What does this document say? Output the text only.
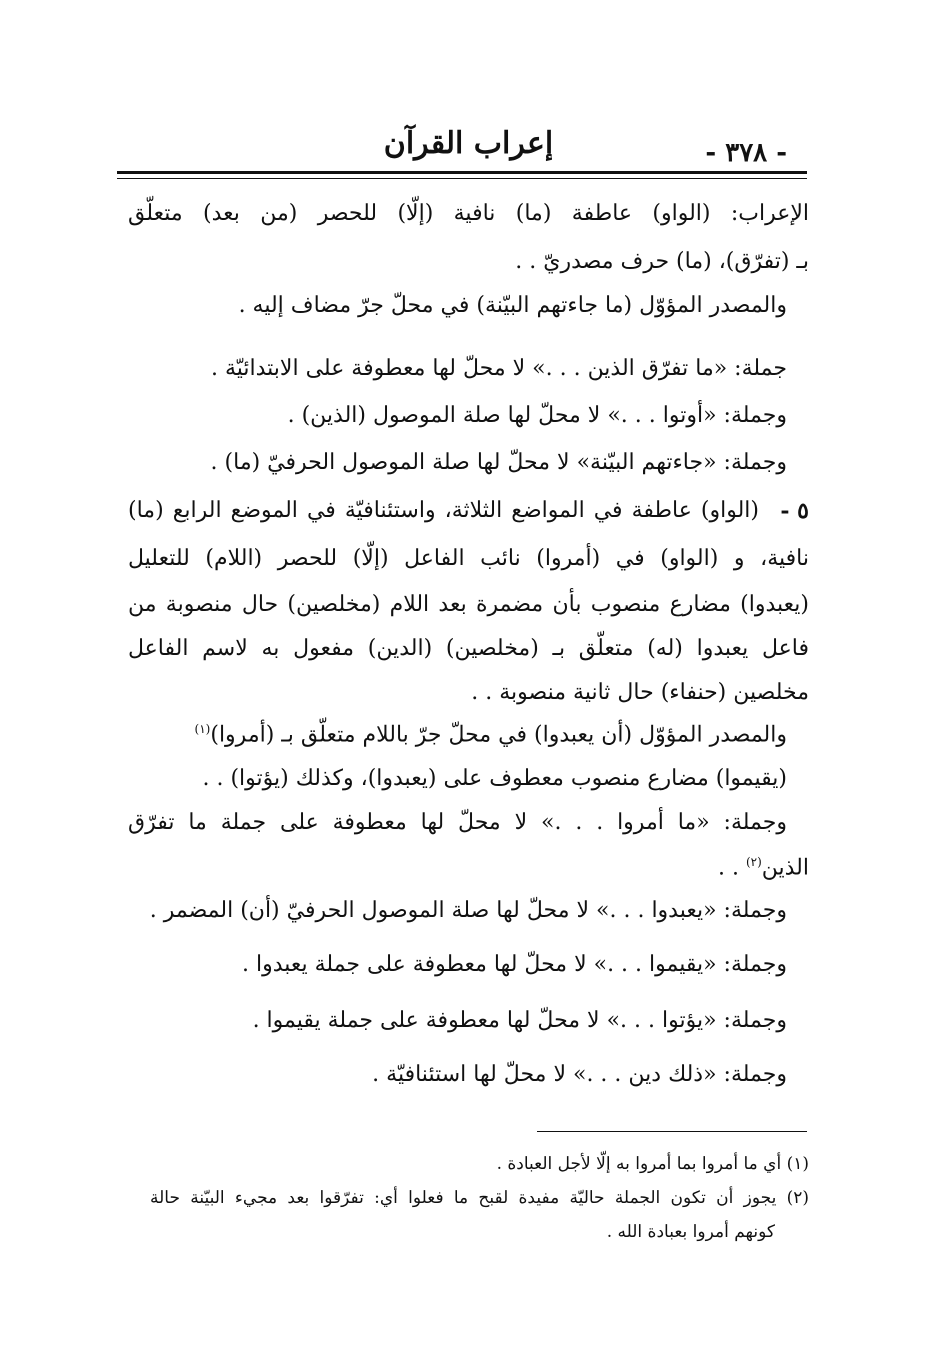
- ٣٧٨ -
إعراب القرآن
الإعراب: (الواو) عاطفة (ما) نافية (إلّا) للحصر (من بعد) متعلّق
بـ (تفرّق)، (ما) حرف مصدريّ . .
والمصدر المؤوّل (ما جاءتهم البيّنة) في محلّ جرّ مضاف إليه .
جملة: «ما تفرّق الذين . . .» لا محلّ لها معطوفة على الابتدائيّة .
وجملة: «أوتوا . . .» لا محلّ لها صلة الموصول (الذين) .
وجملة: «جاءتهم البيّنة» لا محلّ لها صلة الموصول الحرفيّ (ما) .
٥ -
(الواو) عاطفة في المواضع الثلاثة، واستئنافيّة في الموضع الرابع (ما)
نافية، و (الواو) في (أمروا) نائب الفاعل (إلّا) للحصر (اللام) للتعليل
(يعبدوا) مضارع منصوب بأن مضمرة بعد اللام (مخلصين) حال منصوبة من
فاعل يعبدوا (له) متعلّق بـ (مخلصين) (الدين) مفعول به لاسم الفاعل
مخلصين (حنفاء) حال ثانية منصوبة . .
والمصدر المؤوّل (أن يعبدوا) في محلّ جرّ باللام متعلّق بـ (أمروا)$^{(١)}$
(يقيموا) مضارع منصوب معطوف على (يعبدوا)، وكذلك (يؤتوا) . .
وجملة: «ما أمروا . . .» لا محلّ لها معطوفة على جملة ما تفرّق
الذين$^{(٢)}$ . .
وجملة: «يعبدوا . . .» لا محلّ لها صلة الموصول الحرفيّ (أن) المضمر .
وجملة: «يقيموا . . .» لا محلّ لها معطوفة على جملة يعبدوا .
وجملة: «يؤتوا . . .» لا محلّ لها معطوفة على جملة يقيموا .
وجملة: «ذلك دين . . .» لا محلّ لها استئنافيّة .
(١) أي ما أمروا بما أمروا به إلّا لأجل العبادة .
(٢) يجوز أن تكون الجملة حاليّة مفيدة لقبح ما فعلوا أي: تفرّقوا بعد مجيء البيّنة حالة
كونهم أمروا بعبادة الله .
